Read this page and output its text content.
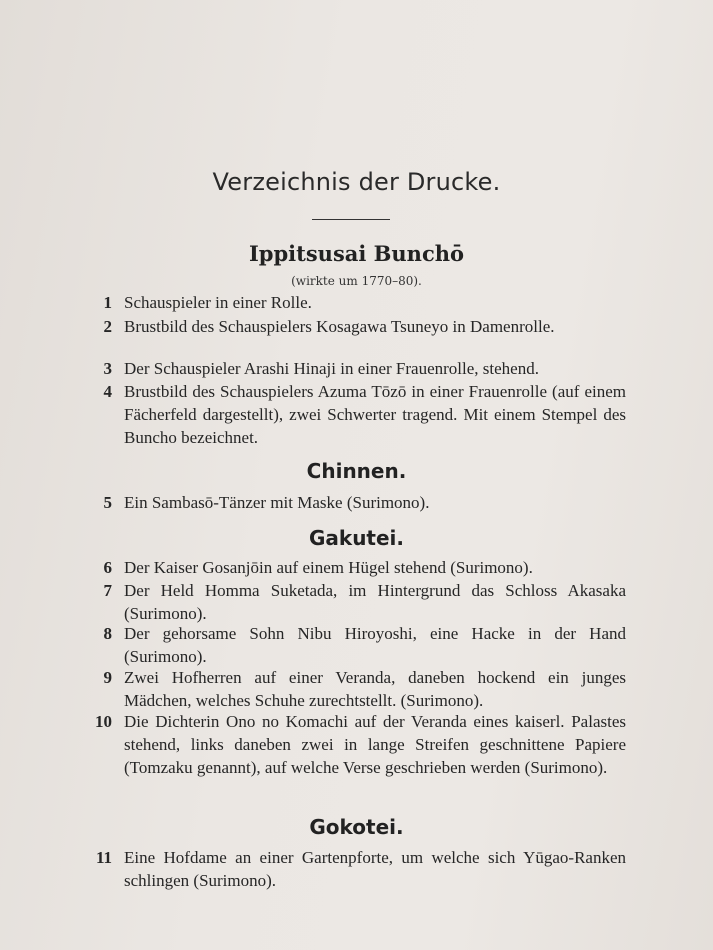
Verzeichnis der Drucke.
Ippitsusai Bunchō
(wirkte um 1770–80).
1 Schauspieler in einer Rolle.
2 Brustbild des Schauspielers Kosagawa Tsuneyo in Damenrolle.
3 Der Schauspieler Arashi Hinaji in einer Frauenrolle, stehend.
4 Brustbild des Schauspielers Azuma Tōzō in einer Frauenrolle (auf einem Fächerfeld dargestellt), zwei Schwerter tragend. Mit einem Stempel des Buncho bezeichnet.
Chinnen.
5 Ein Sambasō-Tänzer mit Maske (Surimono).
Gakutei.
6 Der Kaiser Gosanjōin auf einem Hügel stehend (Surimono).
7 Der Held Homma Suketada, im Hintergrund das Schloss Akasaka (Surimono).
8 Der gehorsame Sohn Nibu Hiroyoshi, eine Hacke in der Hand (Surimono).
9 Zwei Hofherren auf einer Veranda, daneben hockend ein junges Mädchen, welches Schuhe zurechtstellt. (Surimono).
10 Die Dichterin Ono no Komachi auf der Veranda eines kaiserl. Palastes stehend, links daneben zwei in lange Streifen geschnittene Papiere (Tomzaku genannt), auf welche Verse geschrieben werden (Surimono).
Gokotei.
11 Eine Hofdame an einer Gartenpforte, um welche sich Yūgao-Ranken schlingen (Surimono).
